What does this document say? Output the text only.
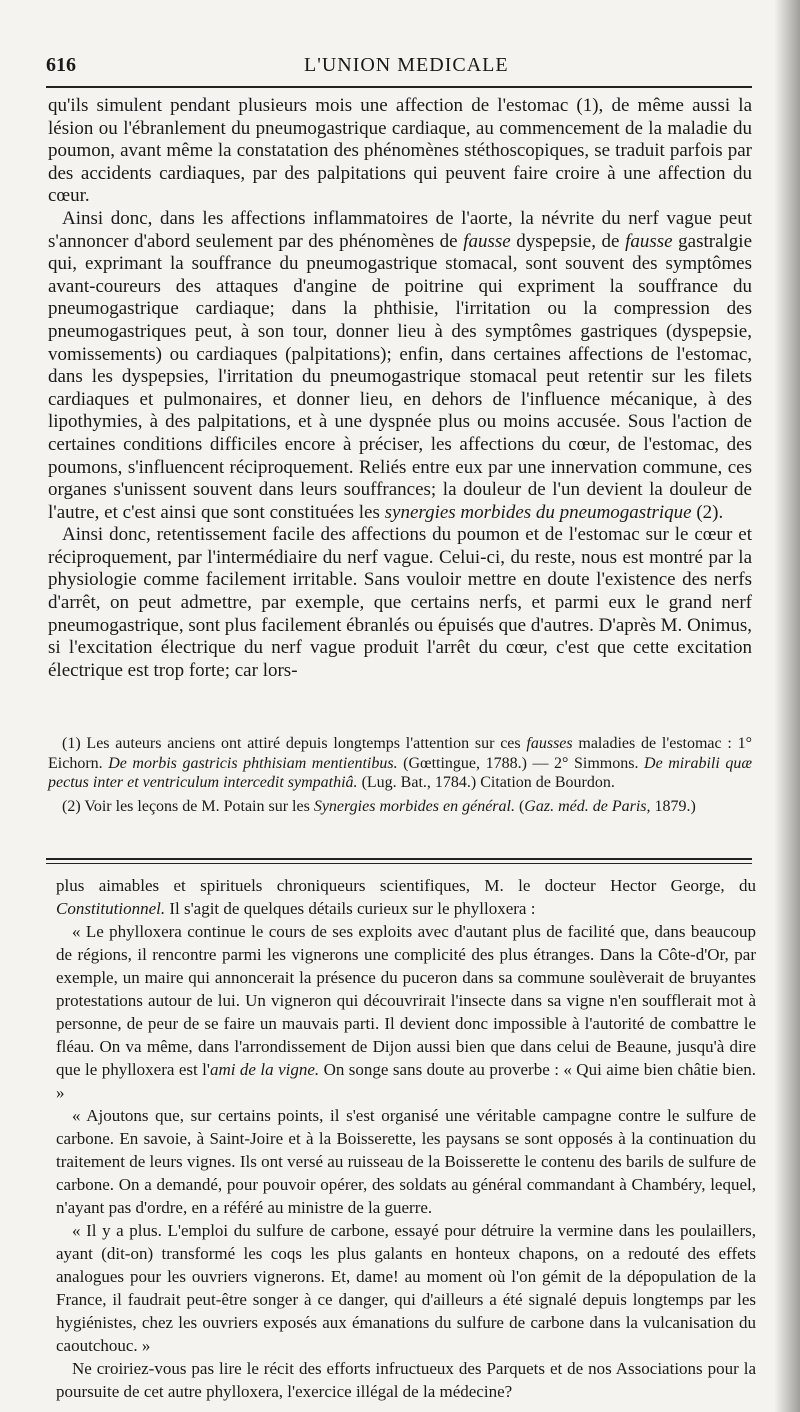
616	L'UNION MEDICALE

qu'ils simulent pendant plusieurs mois une affection de l'estomac (1), de même aussi la lésion ou l'ébranlement du pneumogastrique cardiaque, au commencement de la maladie du poumon, avant même la constatation des phénomènes stéthoscopiques, se traduit parfois par des accidents cardiaques, par des palpitations qui peuvent faire croire à une affection du cœur.

Ainsi donc, dans les affections inflammatoires de l'aorte, la névrite du nerf vague peut s'annoncer d'abord seulement par des phénomènes de fausse dyspepsie, de fausse gastralgie qui, exprimant la souffrance du pneumogastrique stomacal, sont souvent des symptômes avant-coureurs des attaques d'angine de poitrine qui expriment la souffrance du pneumogastrique cardiaque; dans la phthisie, l'irritation ou la compression des pneumogastriques peut, à son tour, donner lieu à des symptômes gastriques (dyspepsie, vomissements) ou cardiaques (palpitations); enfin, dans certaines affections de l'estomac, dans les dyspepsies, l'irritation du pneumogastrique stomacal peut retentir sur les filets cardiaques et pulmonaires, et donner lieu, en dehors de l'influence mécanique, à des lipothymies, à des palpitations, et à une dyspnée plus ou moins accusée. Sous l'action de certaines conditions difficiles encore à préciser, les affections du cœur, de l'estomac, des poumons, s'influencent réciproquement. Reliés entre eux par une innervation commune, ces organes s'unissent souvent dans leurs souffrances; la douleur de l'un devient la douleur de l'autre, et c'est ainsi que sont constituées les synergies morbides du pneumogastrique (2).

Ainsi donc, retentissement facile des affections du poumon et de l'estomac sur le cœur et réciproquement, par l'intermédiaire du nerf vague. Celui-ci, du reste, nous est montré par la physiologie comme facilement irritable. Sans vouloir mettre en doute l'existence des nerfs d'arrêt, on peut admettre, par exemple, que certains nerfs, et parmi eux le grand nerf pneumogastrique, sont plus facilement ébranlés ou épuisés que d'autres. D'après M. Onimus, si l'excitation électrique du nerf vague produit l'arrêt du cœur, c'est que cette excitation électrique est trop forte; car lors-

(1) Les auteurs anciens ont attiré depuis longtemps l'attention sur ces fausses maladies de l'estomac : 1° Eichorn. De morbis gastricis phthisiam mentientibus. (Gœttingue, 1788.) — 2° Simmons. De mirabili quæ pectus inter et ventriculum intercedit sympathiâ. (Lug. Bat., 1784.) Citation de Bourdon.

(2) Voir les leçons de M. Potain sur les Synergies morbides en général. (Gaz. méd. de Paris, 1879.)

plus aimables et spirituels chroniqueurs scientifiques, M. le docteur Hector George, du Constitutionnel. Il s'agit de quelques détails curieux sur le phylloxera :

« Le phylloxera continue le cours de ses exploits avec d'autant plus de facilité que, dans beaucoup de régions, il rencontre parmi les vignerons une complicité des plus étranges. Dans la Côte-d'Or, par exemple, un maire qui annoncerait la présence du puceron dans sa commune soulèverait de bruyantes protestations autour de lui. Un vigneron qui découvrirait l'insecte dans sa vigne n'en soufflerait mot à personne, de peur de se faire un mauvais parti. Il devient donc impossible à l'autorité de combattre le fléau. On va même, dans l'arrondissement de Dijon aussi bien que dans celui de Beaune, jusqu'à dire que le phylloxera est l'ami de la vigne. On songe sans doute au proverbe : « Qui aime bien châtie bien. »

« Ajoutons que, sur certains points, il s'est organisé une véritable campagne contre le sulfure de carbone. En savoie, à Saint-Joire et à la Boisserette, les paysans se sont opposés à la continuation du traitement de leurs vignes. Ils ont versé au ruisseau de la Boisserette le contenu des barils de sulfure de carbone. On a demandé, pour pouvoir opérer, des soldats au général commandant à Chambéry, lequel, n'ayant pas d'ordre, en a référé au ministre de la guerre.

« Il y a plus. L'emploi du sulfure de carbone, essayé pour détruire la vermine dans les poulaillers, ayant (dit-on) transformé les coqs les plus galants en honteux chapons, on a redouté des effets analogues pour les ouvriers vignerons. Et, dame! au moment où l'on gémit de la dépopulation de la France, il faudrait peut-être songer à ce danger, qui d'ailleurs a été signalé depuis longtemps par les hygiénistes, chez les ouvriers exposés aux émanations du sulfure de carbone dans la vulcanisation du caoutchouc. »

Ne croiriez-vous pas lire le récit des efforts infructueux des Parquets et de nos Associations pour la poursuite de cet autre phylloxera, l'exercice illégal de la médecine?
